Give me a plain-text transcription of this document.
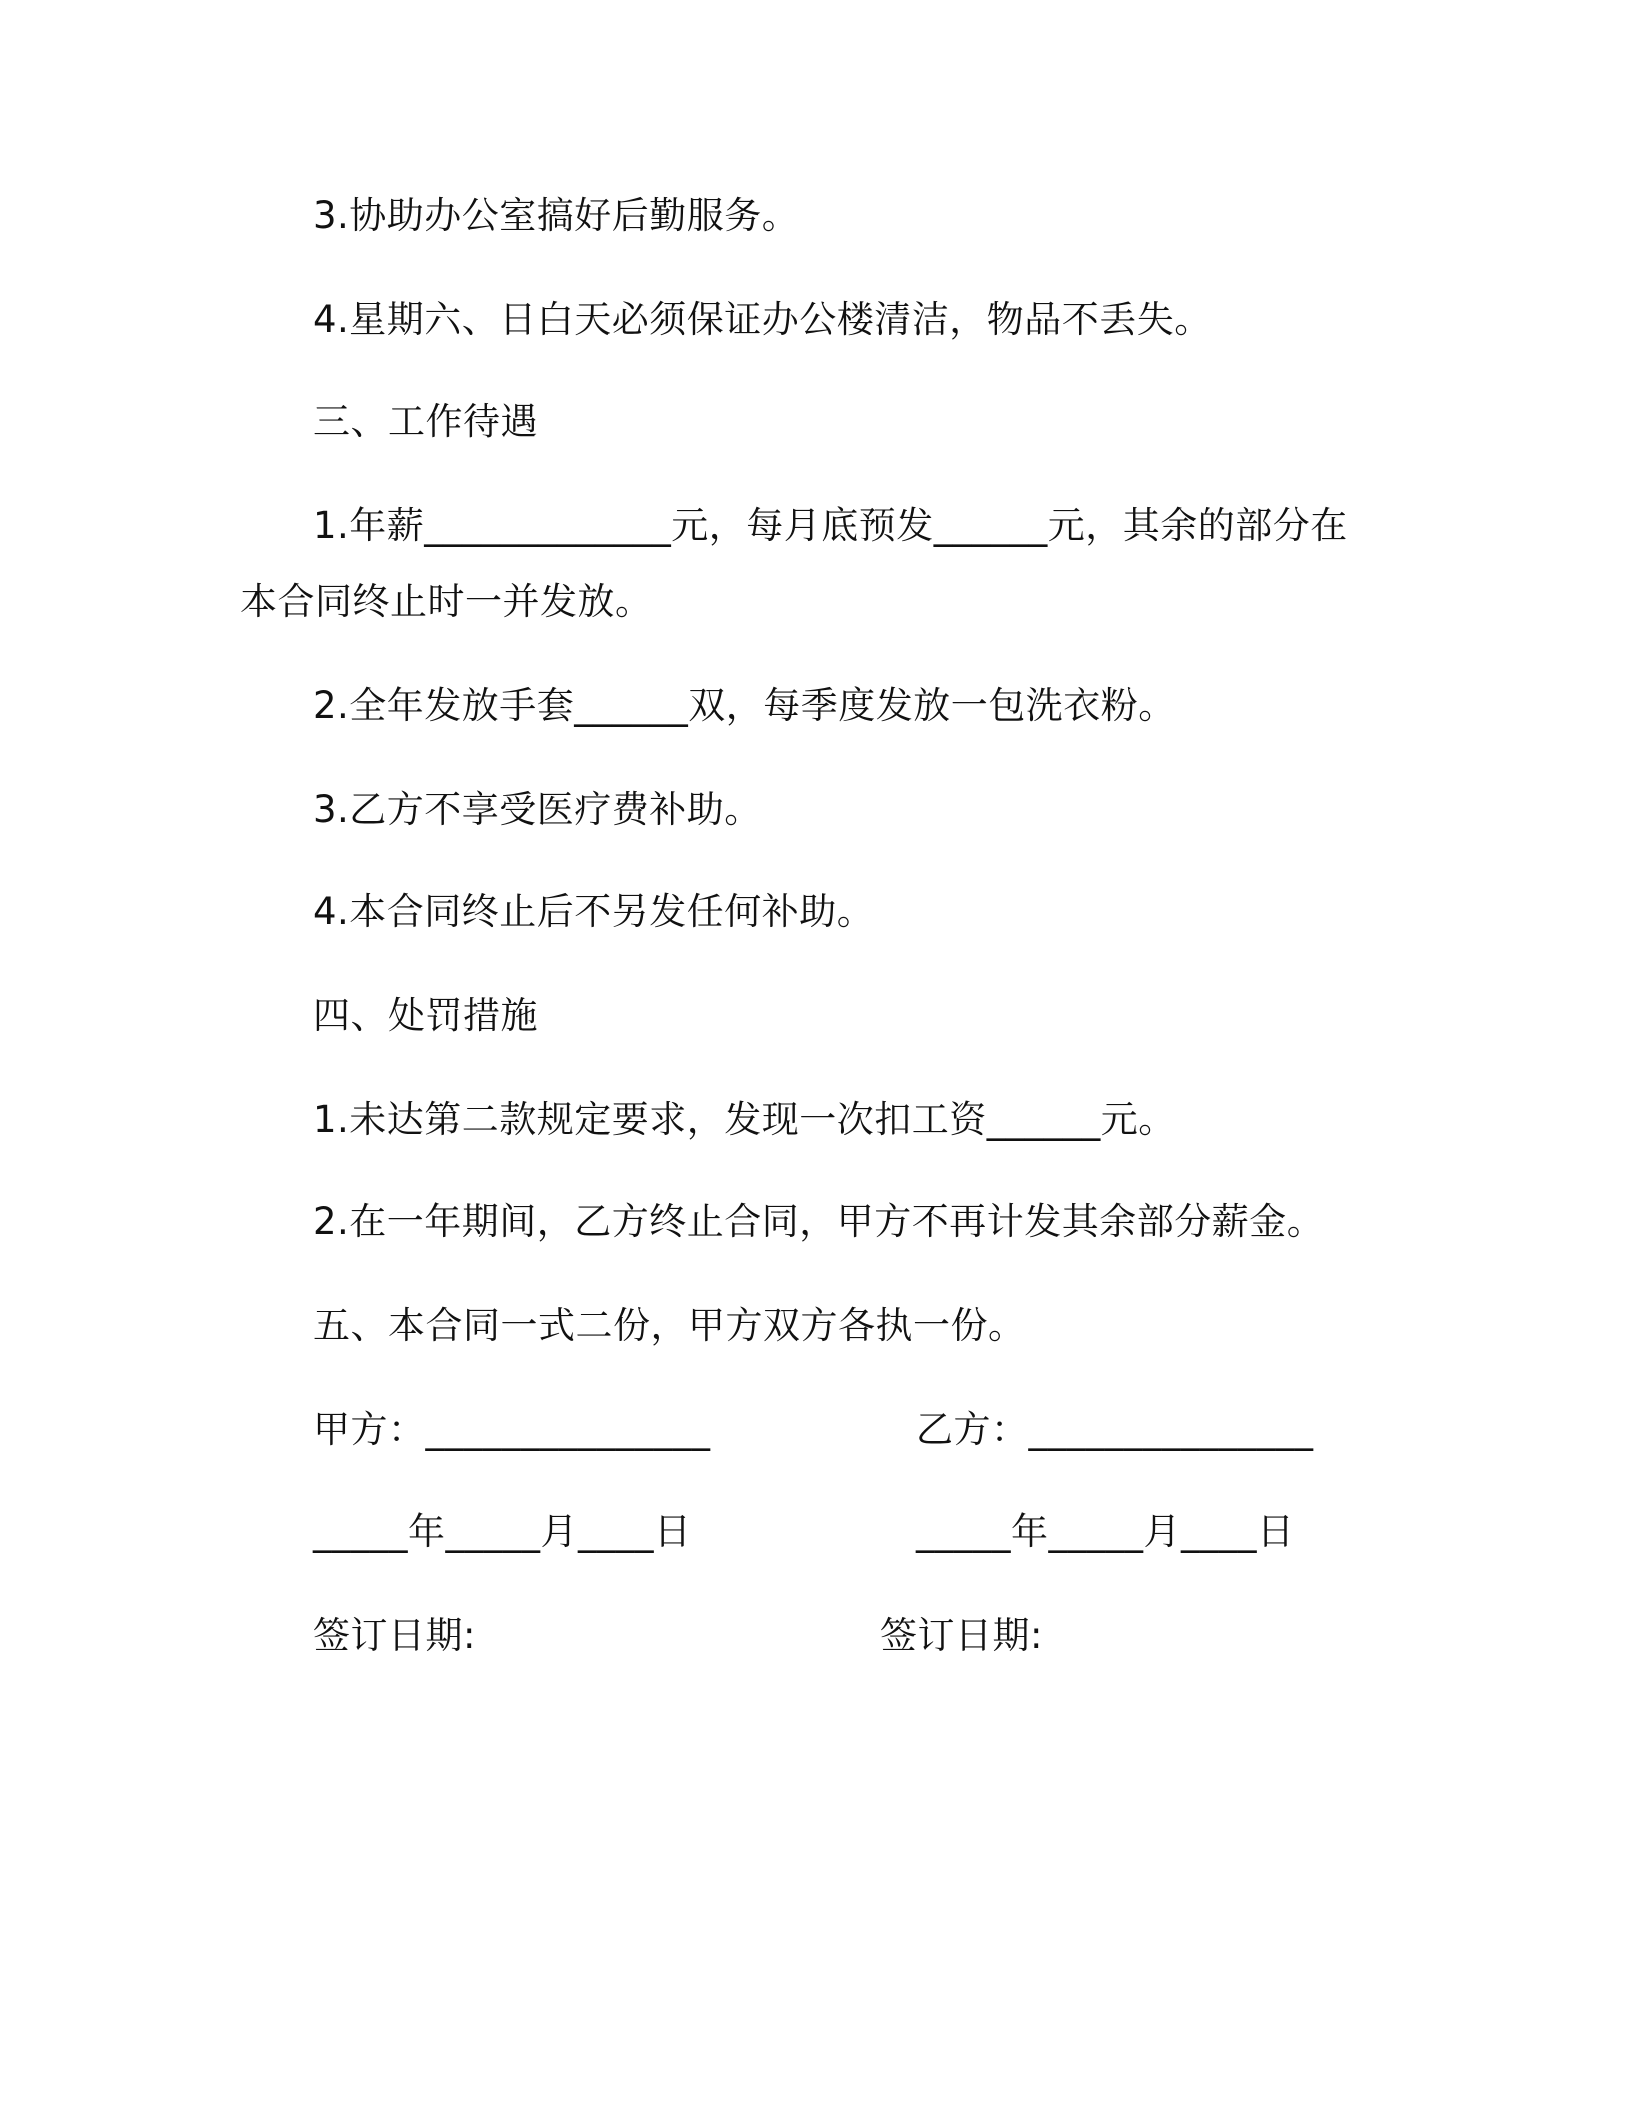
3.协助办公室搞好后勤服务。
4.星期六、日白天必须保证办公楼清洁，物品不丢失。
三、工作待遇
1.年薪_____________元，每月底预发______元，其余的部分在
本合同终止时一并发放。
2.全年发放手套______双，每季度发放一包洗衣粉。
3.乙方不享受医疗费补助。
4.本合同终止后不另发任何补助。
四、处罚措施
1.未达第二款规定要求，发现一次扣工资______元。
2.在一年期间，乙方终止合同，甲方不再计发其余部分薪金。
五、本合同一式二份，甲方双方各执一份。
甲方：_______________	乙方：_______________
_____年_____月____日	_____年_____月____日
签订日期:	签订日期:
